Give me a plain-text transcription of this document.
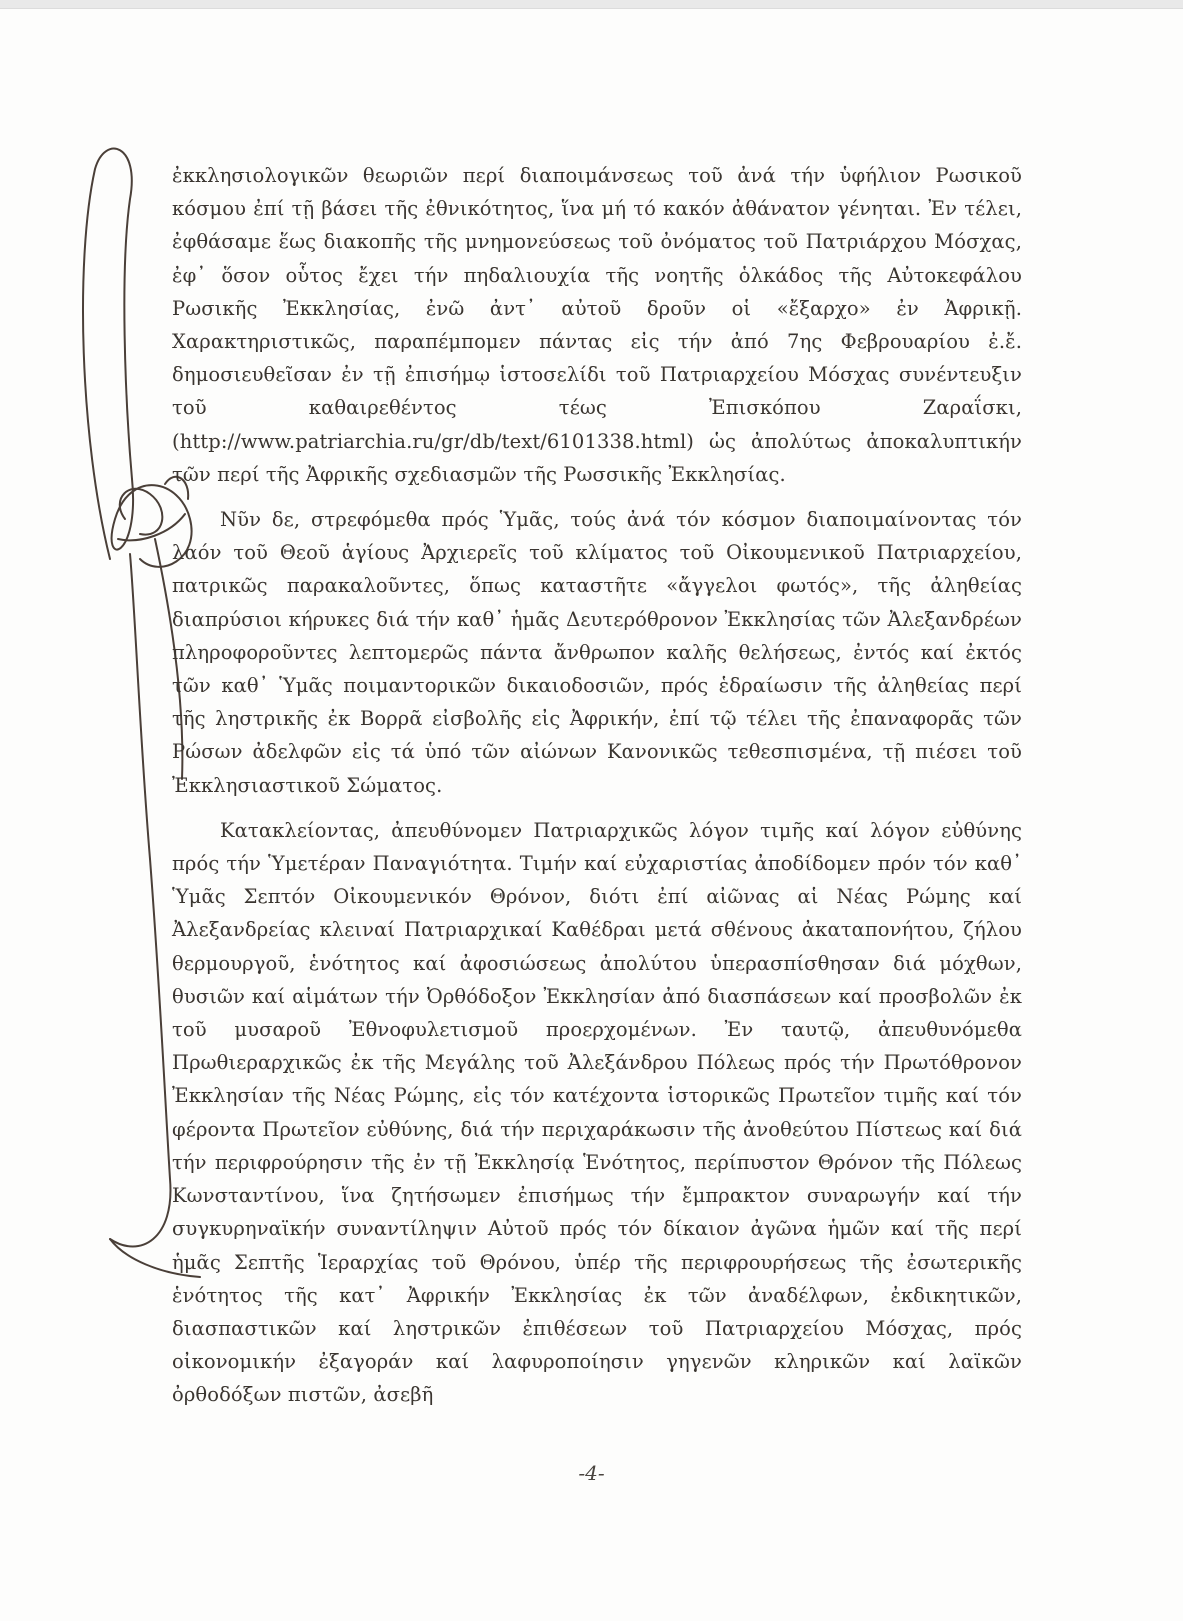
ἐκκλησιολογικῶν θεωριῶν περί διαποιμάνσεως τοῦ ἀνά τήν ὑφήλιον Ρωσικοῦ κόσμου ἐπί τῇ βάσει τῆς ἐθνικότητος, ἵνα μή τό κακόν ἀθάνατον γένηται. Ἐν τέλει, ἐφθάσαμε ἕως διακοπῆς τῆς μνημονεύσεως τοῦ ὀνόματος τοῦ Πατριάρχου Μόσχας, ἐφ᾿ ὅσον οὗτος ἔχει τήν πηδαλιουχία τῆς νοητῆς ὁλκάδος τῆς Αὐτοκεφάλου Ρωσικῆς Ἐκκλησίας, ἐνῶ ἀντ᾿ αὐτοῦ δρoῦν οἱ «ἔξαρχο» ἐν Ἀφρικῇ. Χαρακτηριστικῶς, παραπέμπομεν πάντας εἰς τήν ἀπό 7ης Φεβρουαρίου ἐ.ἔ. δημοσιευθεῖσαν ἐν τῇ ἐπισήμῳ ἱστοσελίδι τοῦ Πατριαρχείου Μόσχας συνέντευξιν τοῦ καθαιρεθέντος τέως Ἐπισκόπου Ζαραΐσκι, (http://www.patriarchia.ru/gr/db/text/6101338.html) ὡς ἀπολύτως ἀποκαλυπτικήν τῶν περί τῆς Ἀφρικῆς σχεδιασμῶν τῆς Ρωσσικῆς Ἐκκλησίας.

Νῦν δε, στρεφόμεθα πρός Ὑμᾶς, τούς ἀνά τόν κόσμον διαποιμαίνοντας τόν λαόν τοῦ Θεοῦ ἁγίους Ἀρχιερεῖς τοῦ κλίματος τοῦ Οἰκουμενικοῦ Πατριαρχείου, πατρικῶς παρακαλοῦντες, ὅπως καταστῆτε «ἄγγελοι φωτός», τῆς ἀληθείας διαπρύσιοι κήρυκες διά τήν καθ᾿ ἡμᾶς Δευτερόθρονον Ἐκκλησίας τῶν Ἀλεξανδρέων πληροφοροῦντες λεπτομερῶς πάντα ἄνθρωπον καλῆς θελήσεως, ἐντός καί ἐκτός τῶν καθ᾿ Ὑμᾶς ποιμαντορικῶν δικαιοδοσιῶν, πρός ἑδραίωσιν τῆς ἀληθείας περί τῆς ληστρικῆς ἐκ Βορρᾶ εἰσβολῆς εἰς Ἀφρικήν, ἐπί τῷ τέλει τῆς ἐπαναφορᾶς τῶν Ρώσων ἀδελφῶν εἰς τά ὑπό τῶν αἰώνων Κανονικῶς τεθεσπισμένα, τῇ πιέσει τοῦ Ἐκκλησιαστικοῦ Σώματος.

Κατακλείοντας, ἀπευθύνομεν Πατριαρχικῶς λόγον τιμῆς καί λόγον εὐθύνης πρός τήν Ὑμετέραν Παναγιότητα. Τιμήν καί εὐχαριστίας ἀποδίδομεν πρόν τόν καθ᾿ Ὑμᾶς Σεπτόν Οἰκουμενικόν Θρόνον, διότι ἐπί αἰῶνας αἱ Νέας Ρώμης καί Ἀλεξανδρείας κλειναί Πατριαρχικαί Καθέδραι μετά σθένους ἀκαταπονήτου, ζήλου θερμουργοῦ, ἑνότητος καί ἀφοσιώσεως ἀπολύτου ὑπερασπίσθησαν διά μόχθων, θυσιῶν καί αἱμάτων τήν Ὀρθόδοξον Ἐκκλησίαν ἀπό διασπάσεων καί προσβολῶν ἐκ τοῦ μυσαροῦ Ἐθνοφυλετισμοῦ προερχομένων. Ἐν ταυτῷ, ἀπευθυνόμεθα Πρωθιεραρχικῶς ἐκ τῆς Μεγάλης τοῦ Ἀλεξάνδρου Πόλεως πρός τήν Πρωτόθρονον Ἐκκλησίαν τῆς Νέας Ρώμης, εἰς τόν κατέχοντα ἱστορικῶς Πρωτεῖον τιμῆς καί τόν φέροντα Πρωτεῖον εὐθύνης, διά τήν περιχαράκωσιν τῆς ἀνοθεύτου Πίστεως καί διά τήν περιφρούρησιν τῆς ἐν τῇ Ἐκκλησίᾳ Ἑνότητος, περίπυστον Θρόνον τῆς Πόλεως Κωνσταντίνου, ἵνα ζητήσωμεν ἐπισήμως τήν ἔμπρακτον συναρωγήν καί τήν συγκυρηναϊκήν συναντίληψιν Αὐτοῦ πρός τόν δίκαιον ἀγῶνα ἡμῶν καί τῆς περί ἡμᾶς Σεπτῆς Ἱεραρχίας τοῦ Θρόνου, ὑπέρ τῆς περιφρουρήσεως τῆς ἐσωτερικῆς ἑνότητος τῆς κατ᾿ Ἀφρικήν Ἐκκλησίας ἐκ τῶν ἀναδέλφων, ἐκδικητικῶν, διασπαστικῶν καί ληστρικῶν ἐπιθέσεων τοῦ Πατριαρχείου Μόσχας, πρός οἰκονομικήν ἐξαγοράν καί λαφυροποίησιν γηγενῶν κληρικῶν καί λαϊκῶν ὀρθοδόξων πιστῶν, ἀσεβῆ

-4-
